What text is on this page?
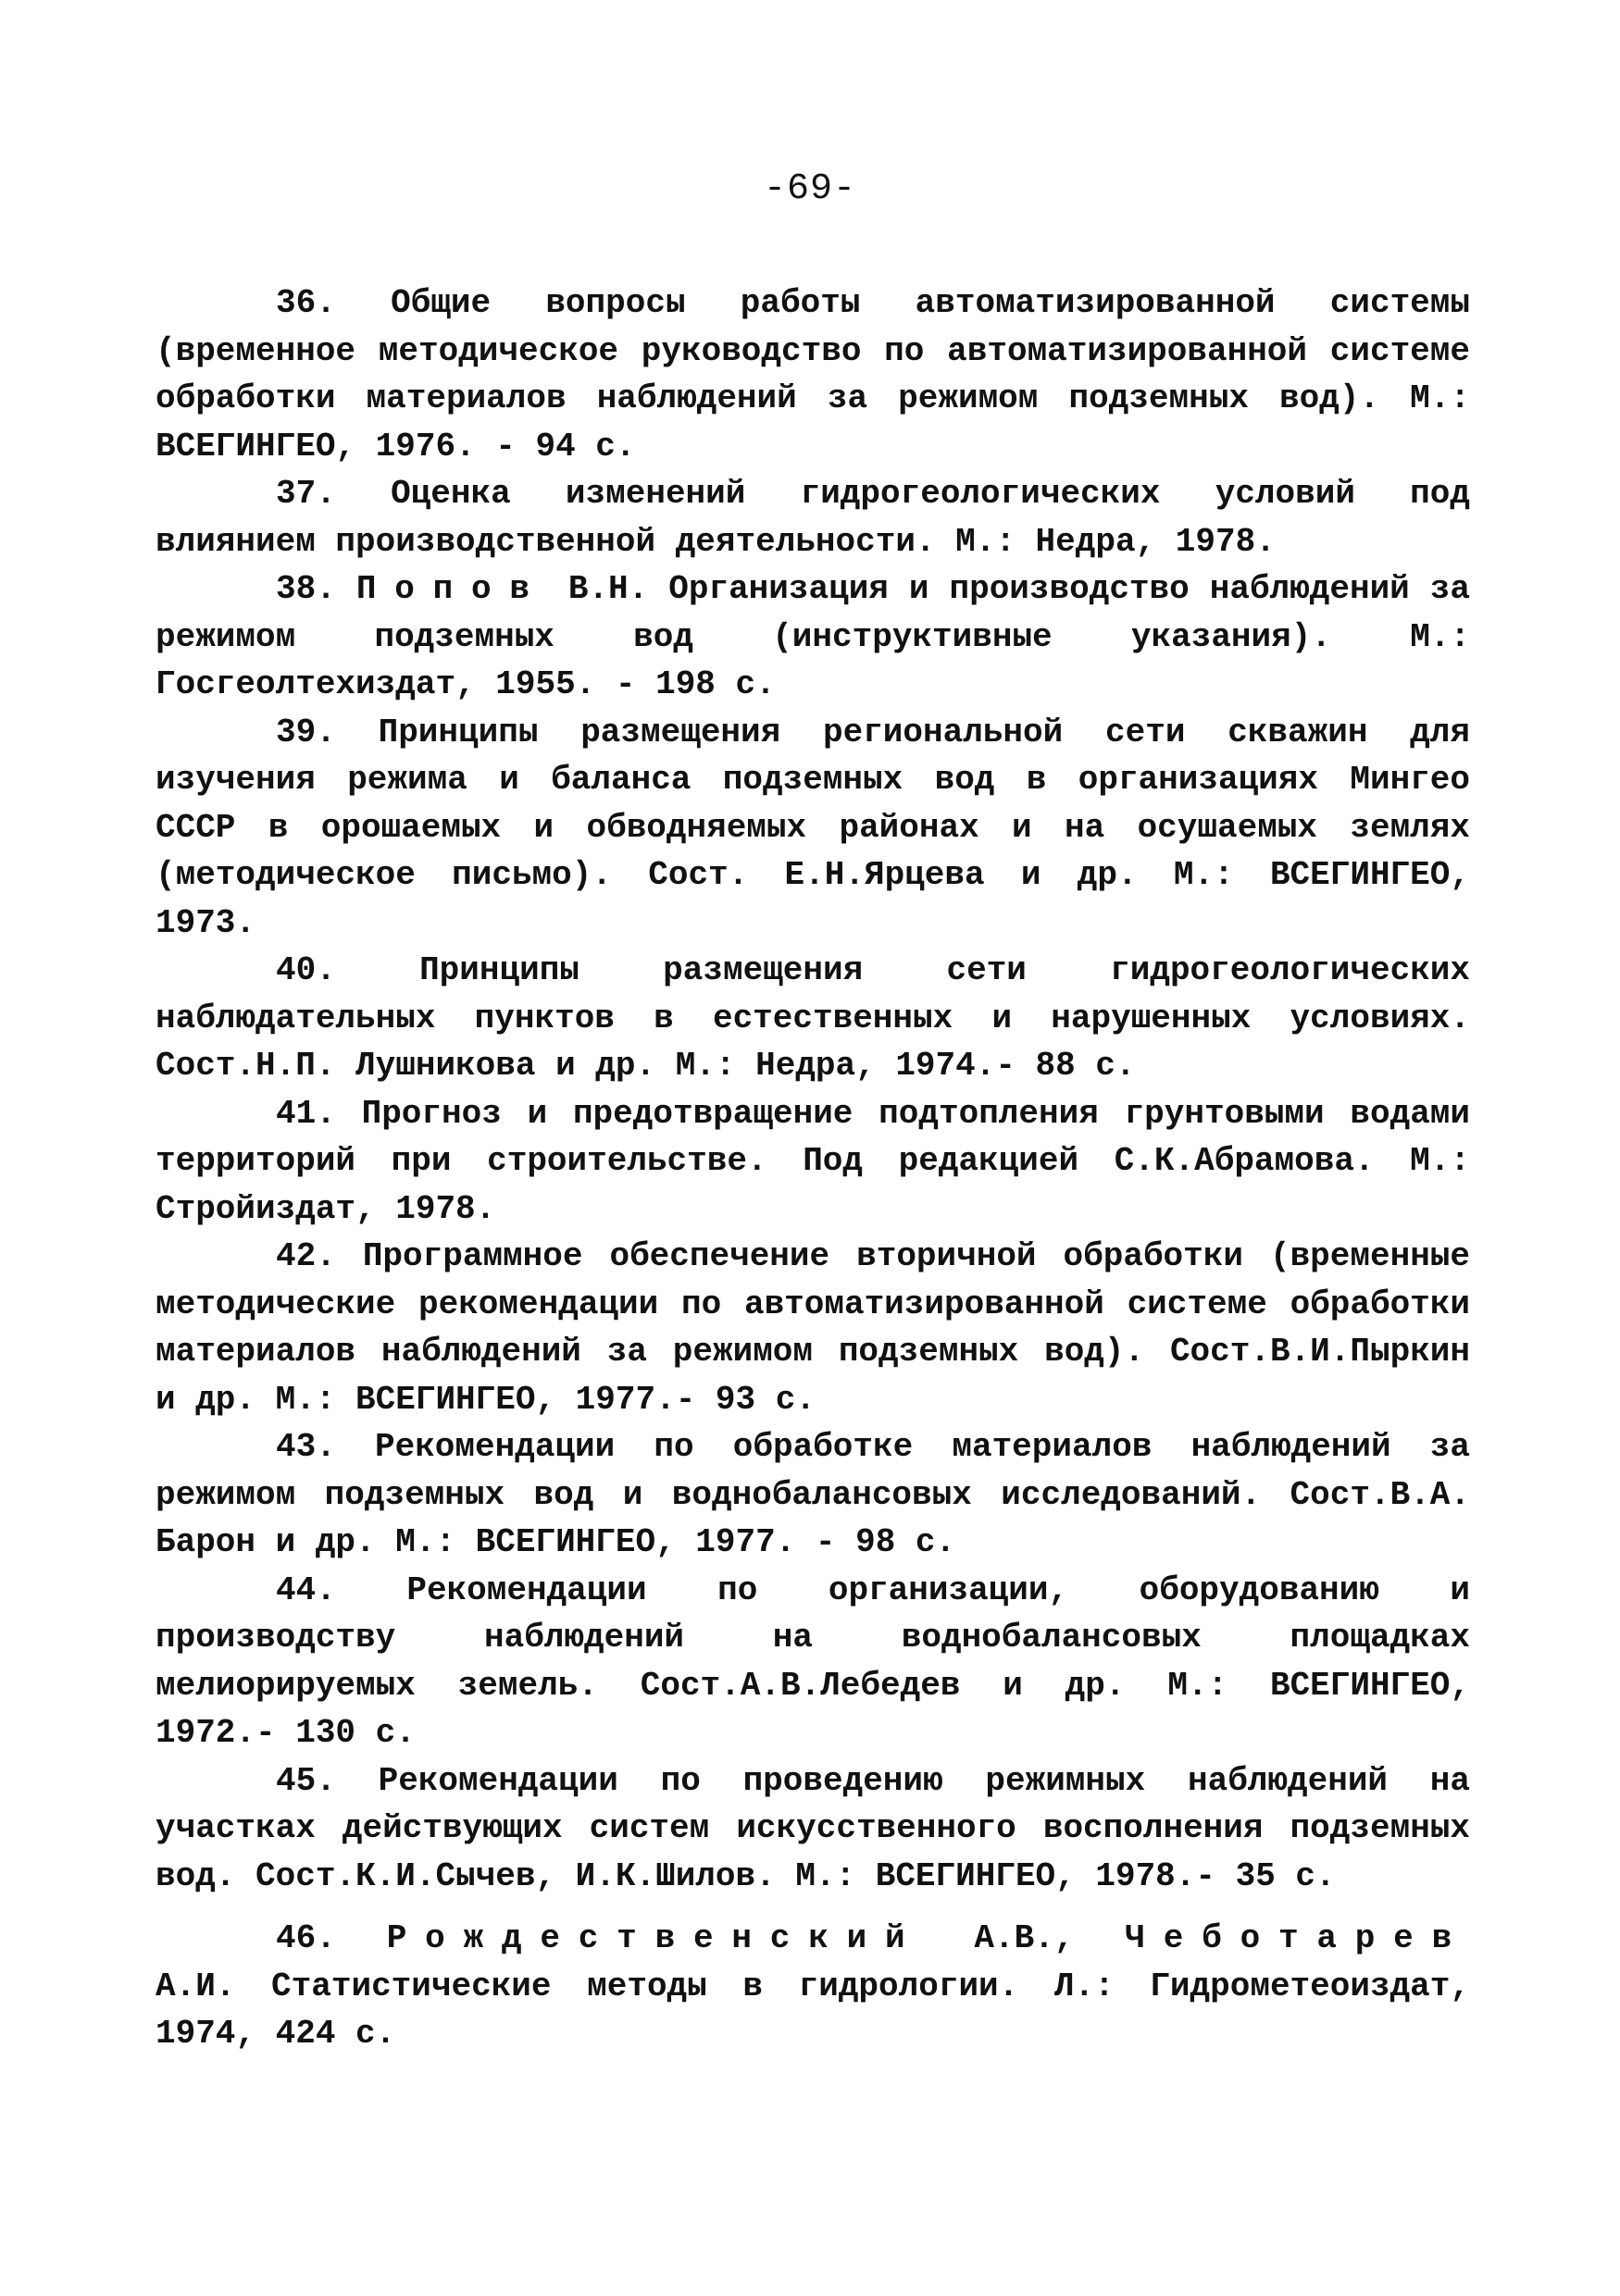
-69-

36. Общие вопросы работы автоматизированной системы (временное методическое руководство по автоматизированной системе обработки материалов наблюдений за режимом подземных вод). М.: ВСЕГИНГЕО, 1976. - 94 с.

37. Оценка изменений гидрогеологических условий под влиянием производственной деятельности. М.: Недра, 1978.

38. Попов В.Н. Организация и производство наблюдений за режимом подземных вод (инструктивные указания). М.: Госгеолтехиздат, 1955. - 198 с.

39. Принципы размещения региональной сети скважин для изучения режима и баланса подземных вод в организациях Мингео СССР в орошаемых и обводняемых районах и на осушаемых землях (методическое письмо). Сост. Е.Н.Ярцева и др. М.: ВСЕГИНГЕО, 1973.

40.	Принципы размещения сети гидрогеологических наблюдательных пунктов в естественных и нарушенных условиях. Сост.Н.П. Лушникова и др. М.: Недра, 1974.- 88 с.

41. Прогноз и предотвращение подтопления грунтовыми водами территорий при строительстве. Под редакцией С.К.Абрамова. М.: Стройиздат, 1978.

42. Программное обеспечение вторичной обработки (временные методические рекомендации по автоматизированной системе обработки материалов наблюдений за режимом подземных вод). Сост.В.И.Пыркин и др. М.: ВСЕГИНГЕО, 1977.- 93 с.

43. Рекомендации по обработке материалов наблюдений за режимом подземных вод и воднобалансовых исследований. Сост.В.А. Барон и др. М.: ВСЕГИНГЕО, 1977. - 98 с.

44. Рекомендации по организации, оборудованию и производству наблюдений на воднобалансовых площадках мелиорируемых земель. Сост.А.В.Лебедев и др. М.: ВСЕГИНГЕО, 1972.- 130 с.

45. Рекомендации по проведению режимных наблюдений на участках действующих систем искусственного восполнения подземных вод. Сост.К.И.Сычев, И.К.Шилов. М.: ВСЕГИНГЕО, 1978.- 35 с.

46. Рождественский А.В., Чеботарев А.И. Статистические методы в гидрологии. Л.: Гидрометеоиздат, 1974, 424 с.
